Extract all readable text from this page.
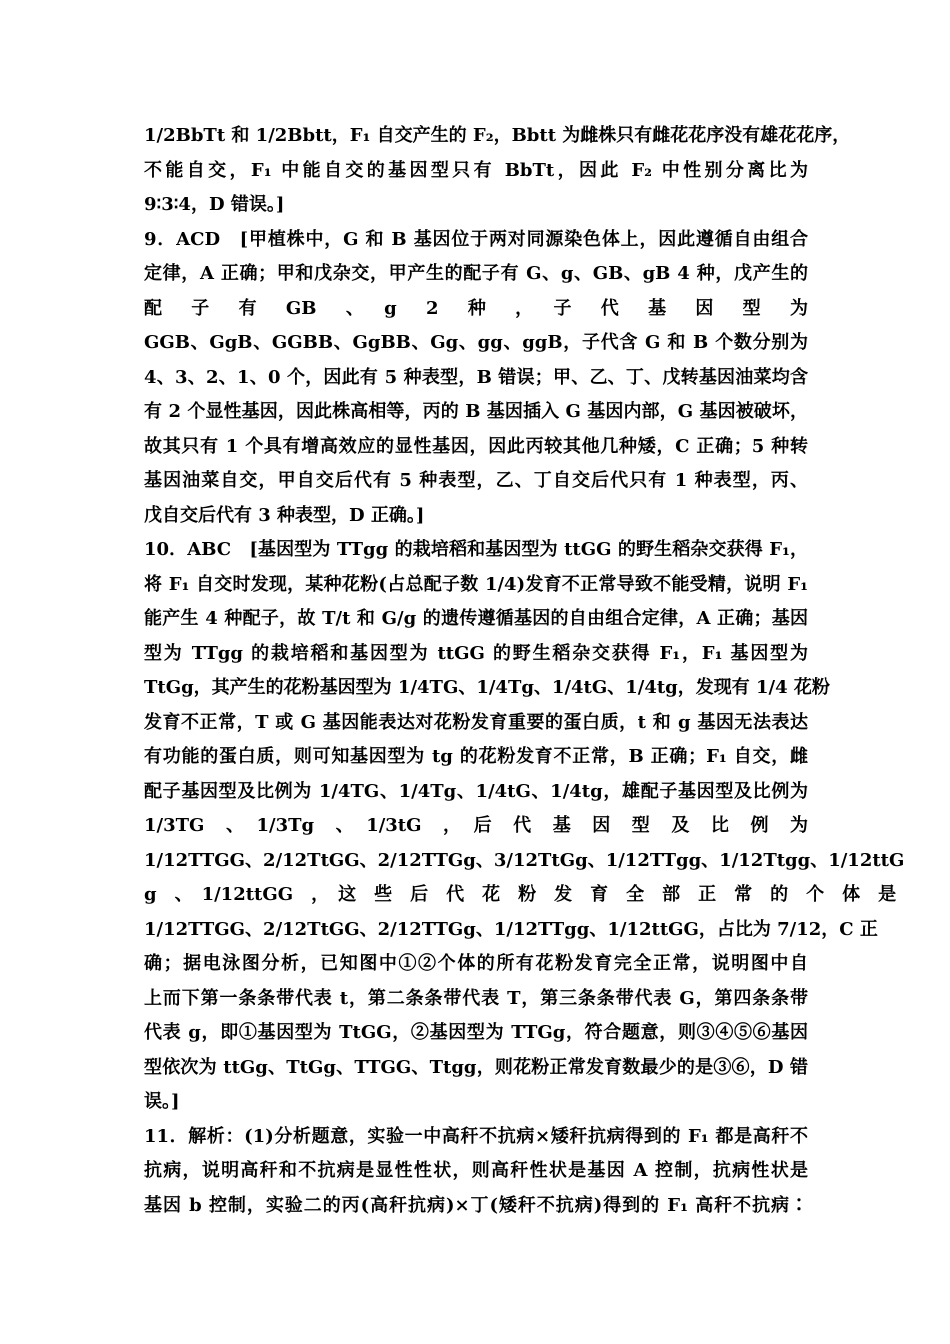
1/2BbTt 和 1/2Bbtt，F₁ 自交产生的 F₂，Bbtt 为雌株只有雌花花序没有雄花花序，
不能自交，F₁ 中能自交的基因型只有 BbTt，因此 F₂ 中性别分离比为
9∶3∶4，D 错误。]
9．ACD　[甲植株中，G 和 B 基因位于两对同源染色体上，因此遵循自由组合
定律，A 正确；甲和戊杂交，甲产生的配子有 G、g、GB、gB 4 种，戊产生的
配　子　有　GB　、　g　2　种　，　子　代　基　因　型　为
GGB、GgB、GGBB、GgBB、Gg、gg、ggB，子代含 G 和 B 个数分别为
4、3、2、1、0 个，因此有 5 种表型，B 错误；甲、乙、丁、戊转基因油菜均含
有 2 个显性基因，因此株高相等，丙的 B 基因插入 G 基因内部，G 基因被破坏，
故其只有 1 个具有增高效应的显性基因，因此丙较其他几种矮，C 正确；5 种转
基因油菜自交，甲自交后代有 5 种表型，乙、丁自交后代只有 1 种表型，丙、
戊自交后代有 3 种表型，D 正确。]
10．ABC　[基因型为 TTgg 的栽培稻和基因型为 ttGG 的野生稻杂交获得 F₁，
将 F₁ 自交时发现，某种花粉(占总配子数 1/4)发育不正常导致不能受精，说明 F₁
能产生 4 种配子，故 T/t 和 G/g 的遗传遵循基因的自由组合定律，A 正确；基因
型为 TTgg 的栽培稻和基因型为 ttGG 的野生稻杂交获得 F₁，F₁ 基因型为
TtGg，其产生的花粉基因型为 1/4TG、1/4Tg、1/4tG、1/4tg，发现有 1/4 花粉
发育不正常，T 或 G 基因能表达对花粉发育重要的蛋白质，t 和 g 基因无法表达
有功能的蛋白质，则可知基因型为 tg 的花粉发育不正常，B 正确；F₁ 自交，雌
配子基因型及比例为 1/4TG、1/4Tg、1/4tG、1/4tg，雄配子基因型及比例为
1/3TG　、　1/3Tg　、　1/3tG　，　后　代　基　因　型　及　比　例　为
1/12TTGG、2/12TtGG、2/12TTGg、3/12TtGg、1/12TTgg、1/12Ttgg、1/12ttG
g　、　1/12ttGG　，　这　些　后　代　花　粉　发　育　全　部　正　常　的　个　体　是
1/12TTGG、2/12TtGG、2/12TTGg、1/12TTgg、1/12ttGG，占比为 7/12，C 正
确；据电泳图分析，已知图中①②个体的所有花粉发育完全正常，说明图中自
上而下第一条条带代表 t，第二条条带代表 T，第三条条带代表 G，第四条条带
代表 g，即①基因型为 TtGG，②基因型为 TTGg，符合题意，则③④⑤⑥基因
型依次为 ttGg、TtGg、TTGG、Ttgg，则花粉正常发育数最少的是③⑥，D 错
误。]
11．解析：(1)分析题意，实验一中高秆不抗病×矮秆抗病得到的 F₁ 都是高秆不
抗病，说明高秆和不抗病是显性性状，则高秆性状是基因 A 控制，抗病性状是
基因 b 控制，实验二的丙(高秆抗病)×丁(矮秆不抗病)得到的 F₁ 高秆不抗病∶
